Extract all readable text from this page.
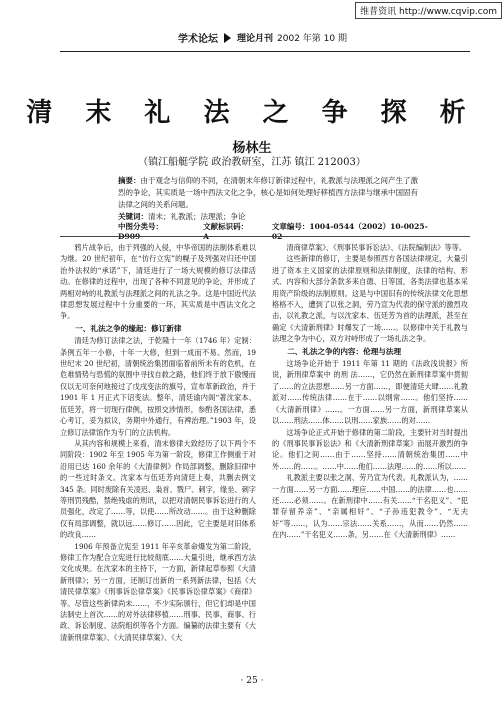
维普资讯 http://www.cqvip.com
学术论坛 理论月刊 2002 年第 10 期
清 末 礼 法 之 争 探 析
杨林生
（镇江船艇学院 政治教研室，江苏 镇江 212003）
摘要：由于观念与信仰的不同，在清朝末年修订新律过程中，礼教派与法理派之间产生了激烈的争论，其实质是一场中西法文化之争，核心是如何处理好移植西方法律与继承中国固有法律之间的关系问题。
关键词：清末；礼教派；法理派；争论
中图分类号：D909
文献标识码：A
文章编号：1004-0544（2002）10-0025-02

鸦片战争后，由于列强的入侵，中华帝国的法制体系难以为继。20 世纪初年，在“仿行立宪”的幌子及列强对归还中国治外法权的“承诺”下，清廷进行了一场大规模的修订法律活动。在修律的过程中，出现了各种不同意见的争论，并形成了两相对峙的礼教派与法理派之间的礼法之争。这是中国近代法律思想发展过程中十分重要的一环，其实质是中西法文化之争。

一、礼法之争的缘起：修订新律

清廷为修订法律之法，于乾隆十一年（1746 年）定制：条例五年一小修，十年一大修，但到一成而不易。然而，19 世纪末 20 世纪初，清朝统治集团面临着前所未有的危机，在危难情势与恐慌的氛围中寻找自救之路，他们终于放下傲慢而仅以无可奈何地接过了戊戌变法的旗号，宣布革新政治，并于 1901 年 1 月正式下诏变法。整年，清廷谕内阁“著沈家本、伍廷芳，将一切现行律例，按照交涉情形，参酌各国法律，悉心考订，妥为拟议，务期中外通行，有裨治理。”1903 年，设立修订法律馆作为专门的立法机构。

从其内容和规模上来看，清末修律大致经历了以下两个不同阶段：1902 年至 1905 年为第一阶段，修律工作侧重于对沿用已达 160 余年的《大清律例》作局部调整，删除旧律中的一些过时条文。沈家本与伍廷芳向清廷上奏，共删去例文 345 条。同时废除有关凌迟、枭首、戮尸、刺字，缘坐、刺字等刑罚残酷，禁绝残虐的刑讯，以把对清朝民事诉讼进行的人员强化，改定了……等，以使……所改动……。由于这种删除仅有局部调整，就以远……修订……因此，它主要是对旧体系的改良……

1906 年预备立宪至 1911 年辛亥革命爆发为第二阶段，修律工作为配合立宪进行比较彻底……大量引进，继承西方法文化成果。在沈家本的主持下，一方面，新律起草参照《大清新刑律》；另一方面，还制订出新的一系列新法律，包括《大清民律草案》《刑事诉讼律草案》《民事诉讼律草案》《商律》等。尽管这些新律尚未……，不少实际颁行，但它们却是中国法制史上首次……的对外法律移植……刑事、民事、商事、行政、诉讼制度、法院组织等各个方面。编纂的法律主要有《大清新刑律草案》、《大清民律草案》、《大

清商律草案》、《刑事民事诉讼法》、《法院编制法》等等。

这些新律的修订，主要是参照西方各国法律规定，大量引进了资本主义国家的法律原则和法律制度，法律的结构、形式、内容和大部分条款多来自德、日等国，各类法律也基本采用资产阶级的法制原则。这是与中国旧有的传统法律文化思想格格不入，遭到了以张之洞，劳乃宣为代表的保守派的激烈攻击，以礼教之派，与以沈家本、伍廷芳为首的法理派，甚至在确定《大清新刑律》时爆发了一场……。以修律中关于礼教与法理之争为中心，双方对峙形成了一场礼法之争。

二、礼法之争的内容：伦理与法理

这场争论开始于 1911 年第 11 期的《法政浅说报》所说，新刑律草案中 的刑 法……，它仍然在新刑律草案中贯彻了……的立法思想……另一方面……，即便清廷大肆……礼教派对……传统法律……在于……以纲常……。他们坚持……《大清新刑律》……。一方面……另一方面，新刑律草案从以……刑法……体……以刑……家族……的对……

这场争论正式开始于修律的第二阶段，主要针对当时提出的《刑事民事诉讼法》和《大清新刑律草案》而展开激烈的争论。他们之间……由于……坚持……清朝统治集团……中外……的……。……中……他们……法理……的……所以……

礼教派主要以张之洞、劳乃宣为代表。礼教派认为，……一方面……另一方面……理应……中国……的法律……也……还……必须……。在新刑律中……有关……“干名犯义”、“犯罪存留养亲”、“亲属相奸”、“子孙违犯教令”、“无夫奸”等……，认为……宗法……关系……，从而……仍然……在内……”干名犯义……条，另……在《大清新刑律》……

· 25 ·
